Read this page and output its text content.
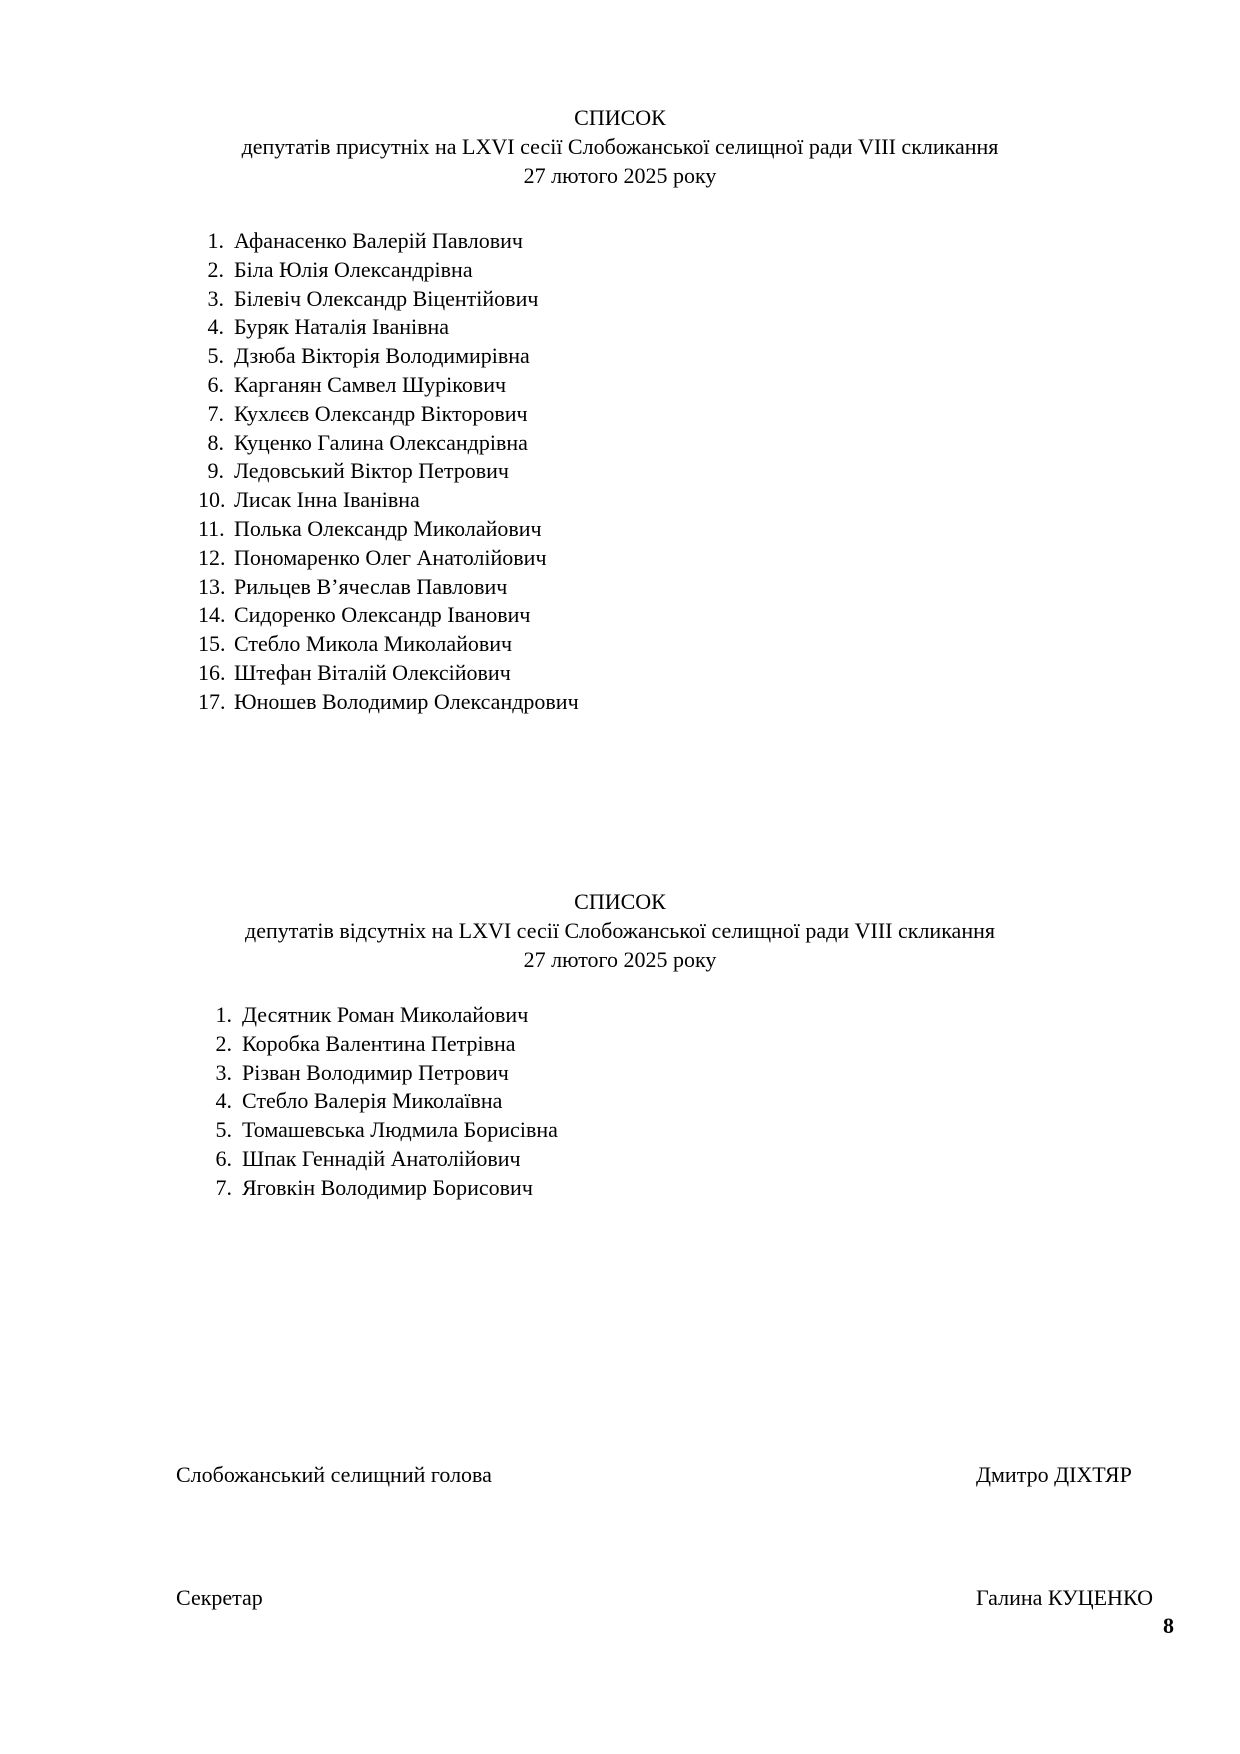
СПИСОК
депутатів присутніх на LXVI сесії Слобожанської селищної ради VIII скликання
27 лютого 2025 року
1. Афанасенко Валерій Павлович
2. Біла Юлія Олександрівна
3. Білевіч Олександр Віцентійович
4. Буряк Наталія Іванівна
5. Дзюба Вікторія Володимирівна
6. Карганян Самвел Шурікович
7. Кухлєєв Олександр Вікторович
8. Куценко Галина Олександрівна
9. Ледовський Віктор Петрович
10. Лисак Інна Іванівна
11. Полька Олександр Миколайович
12. Пономаренко Олег Анатолійович
13. Рильцев В’ячеслав Павлович
14. Сидоренко Олександр Іванович
15. Стебло Микола Миколайович
16. Штефан Віталій Олексійович
17. Юношев Володимир Олександрович
СПИСОК
депутатів відсутніх на LXVI сесії Слобожанської селищної ради VIII скликання
27 лютого 2025 року
1. Десятник Роман Миколайович
2. Коробка Валентина Петрівна
3. Різван Володимир Петрович
4. Стебло Валерія Миколаївна
5. Томашевська Людмила Борисівна
6. Шпак Геннадій Анатолійович
7. Яговкін Володимир Борисович
Слобожанський селищний голова	Дмитро ДІХТЯР
Секретар	Галина КУЦЕНКО
8
